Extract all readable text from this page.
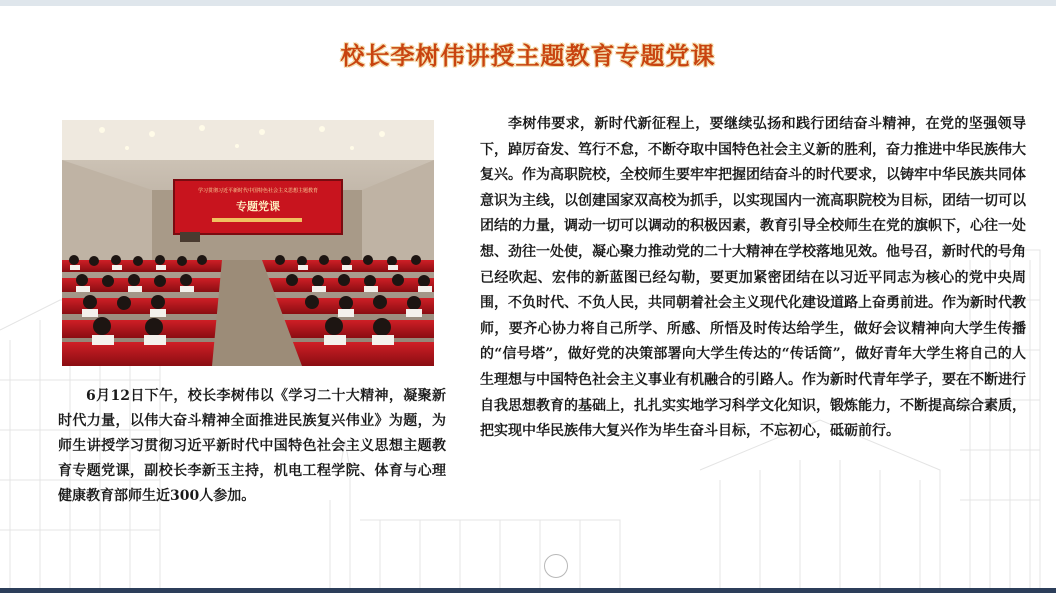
校长李树伟讲授主题教育专题党课
学习贯彻习近平新时代中国特色社会主义思想主题教育
专题党课

6月12日下午，校长李树伟以《学习二十大精神，凝聚新时代力量，以伟大奋斗精神全面推进民族复兴伟业》为题，为师生讲授学习贯彻习近平新时代中国特色社会主义思想主题教育专题党课，副校长李新玉主持，机电工程学院、体育与心理健康教育部师生近300人参加。

李树伟要求，新时代新征程上，要继续弘扬和践行团结奋斗精神，在党的坚强领导下，踔厉奋发、笃行不怠，不断夺取中国特色社会主义新的胜利，奋力推进中华民族伟大复兴。作为高职院校，全校师生要牢牢把握团结奋斗的时代要求，以铸牢中华民族共同体意识为主线，以创建国家双高校为抓手，以实现国内一流高职院校为目标，团结一切可以团结的力量，调动一切可以调动的积极因素，教育引导全校师生在党的旗帜下，心往一处想、劲往一处使，凝心聚力推动党的二十大精神在学校落地见效。他号召，新时代的号角已经吹起、宏伟的新蓝图已经勾勒，要更加紧密团结在以习近平同志为核心的党中央周围，不负时代、不负人民，共同朝着社会主义现代化建设道路上奋勇前进。作为新时代教师，要齐心协力将自己所学、所感、所悟及时传达给学生，做好会议精神向大学生传播的“信号塔”，做好党的决策部署向大学生传达的“传话筒”，做好青年大学生将自己的人生理想与中国特色社会主义事业有机融合的引路人。作为新时代青年学子，要在不断进行自我思想教育的基础上，扎扎实实地学习科学文化知识，锻炼能力，不断提高综合素质，把实现中华民族伟大复兴作为毕生奋斗目标，不忘初心，砥砺前行。
